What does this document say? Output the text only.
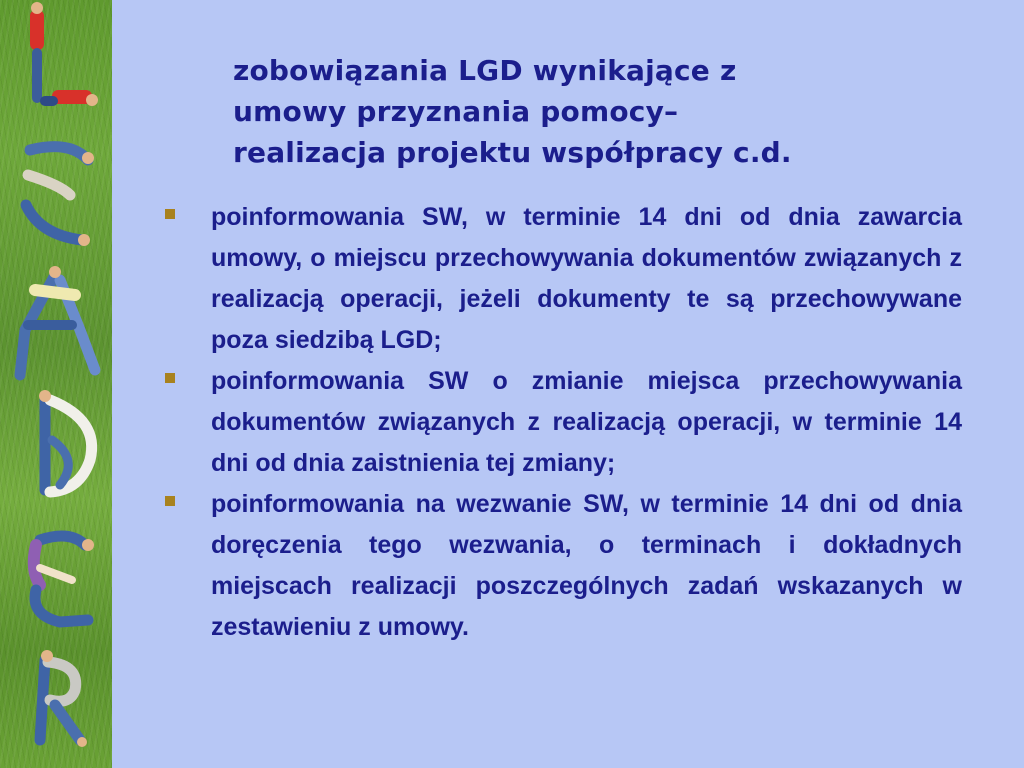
zobowiązania LGD wynikające z
umowy przyznania pomocy–
realizacja projektu współpracy c.d.
poinformowania SW, w terminie 14 dni od dnia zawarcia umowy, o miejscu przechowywania dokumentów związanych z realizacją operacji, jeżeli dokumenty te są przechowywane poza siedzibą LGD;
poinformowania SW o zmianie miejsca przechowywania dokumentów związanych z realizacją operacji, w terminie 14 dni od dnia zaistnienia tej zmiany;
poinformowania na wezwanie SW, w terminie 14 dni od dnia doręczenia tego wezwania, o terminach i dokładnych miejscach realizacji poszczególnych zadań wskazanych w zestawieniu z umowy.
